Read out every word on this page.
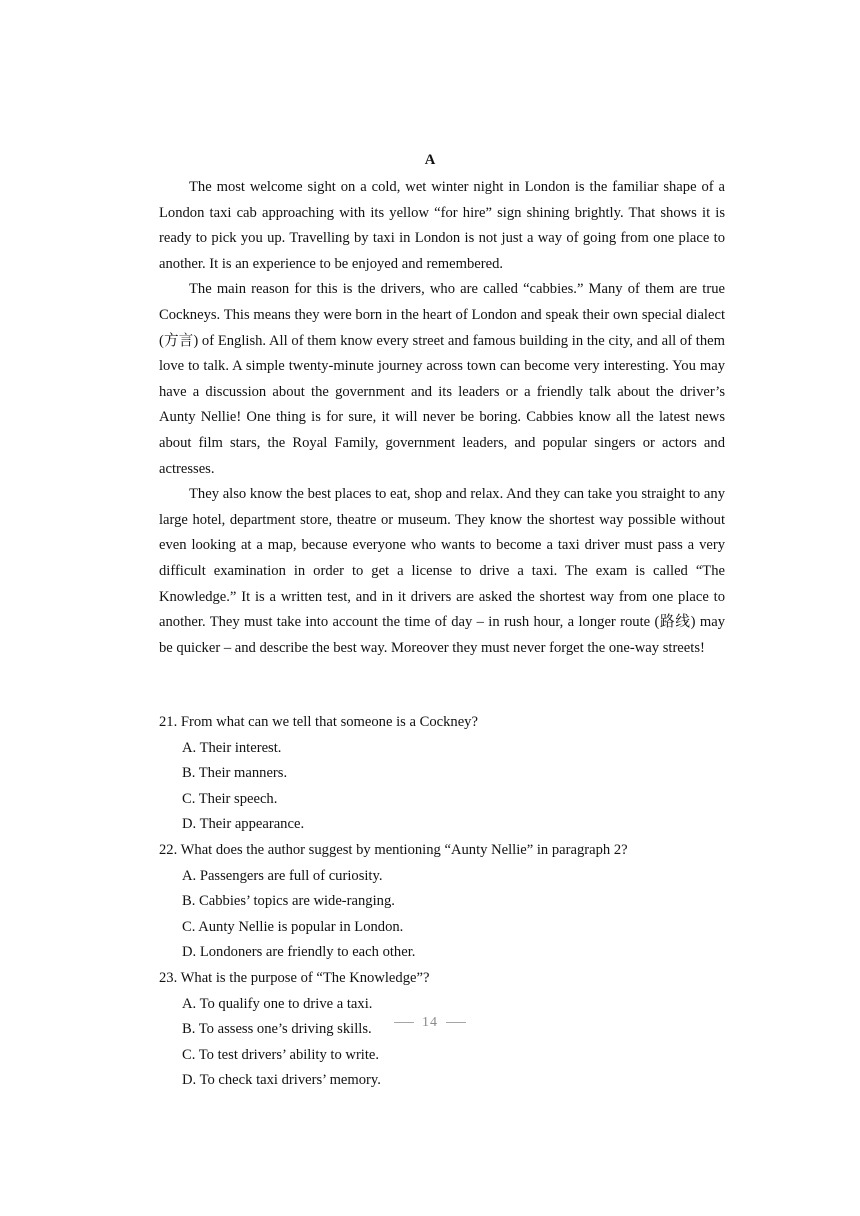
A

The most welcome sight on a cold, wet winter night in London is the familiar shape of a London taxi cab approaching with its yellow “for hire” sign shining brightly. That shows it is ready to pick you up. Travelling by taxi in London is not just a way of going from one place to another. It is an experience to be enjoyed and remembered.

The main reason for this is the drivers, who are called “cabbies.” Many of them are true Cockneys. This means they were born in the heart of London and speak their own special dialect (方言) of English. All of them know every street and famous building in the city, and all of them love to talk. A simple twenty-minute journey across town can become very interesting. You may have a discussion about the government and its leaders or a friendly talk about the driver’s Aunty Nellie! One thing is for sure, it will never be boring. Cabbies know all the latest news about film stars, the Royal Family, government leaders, and popular singers or actors and actresses.

They also know the best places to eat, shop and relax. And they can take you straight to any large hotel, department store, theatre or museum. They know the shortest way possible without even looking at a map, because everyone who wants to become a taxi driver must pass a very difficult examination in order to get a license to drive a taxi. The exam is called “The Knowledge.” It is a written test, and in it drivers are asked the shortest way from one place to another. They must take into account the time of day – in rush hour, a longer route (路线) may be quicker – and describe the best way. Moreover they must never forget the one-way streets!

21. From what can we tell that someone is a Cockney?

A. Their interest.
B. Their manners.
C. Their speech.
D. Their appearance.

22. What does the author suggest by mentioning “Aunty Nellie” in paragraph 2?

A. Passengers are full of curiosity.
B. Cabbies’ topics are wide-ranging.
C. Aunty Nellie is popular in London.
D. Londoners are friendly to each other.

23. What is the purpose of “The Knowledge”?

A. To qualify one to drive a taxi.
B. To assess one’s driving skills.
C. To test drivers’ ability to write.
D. To check taxi drivers’ memory.
14
